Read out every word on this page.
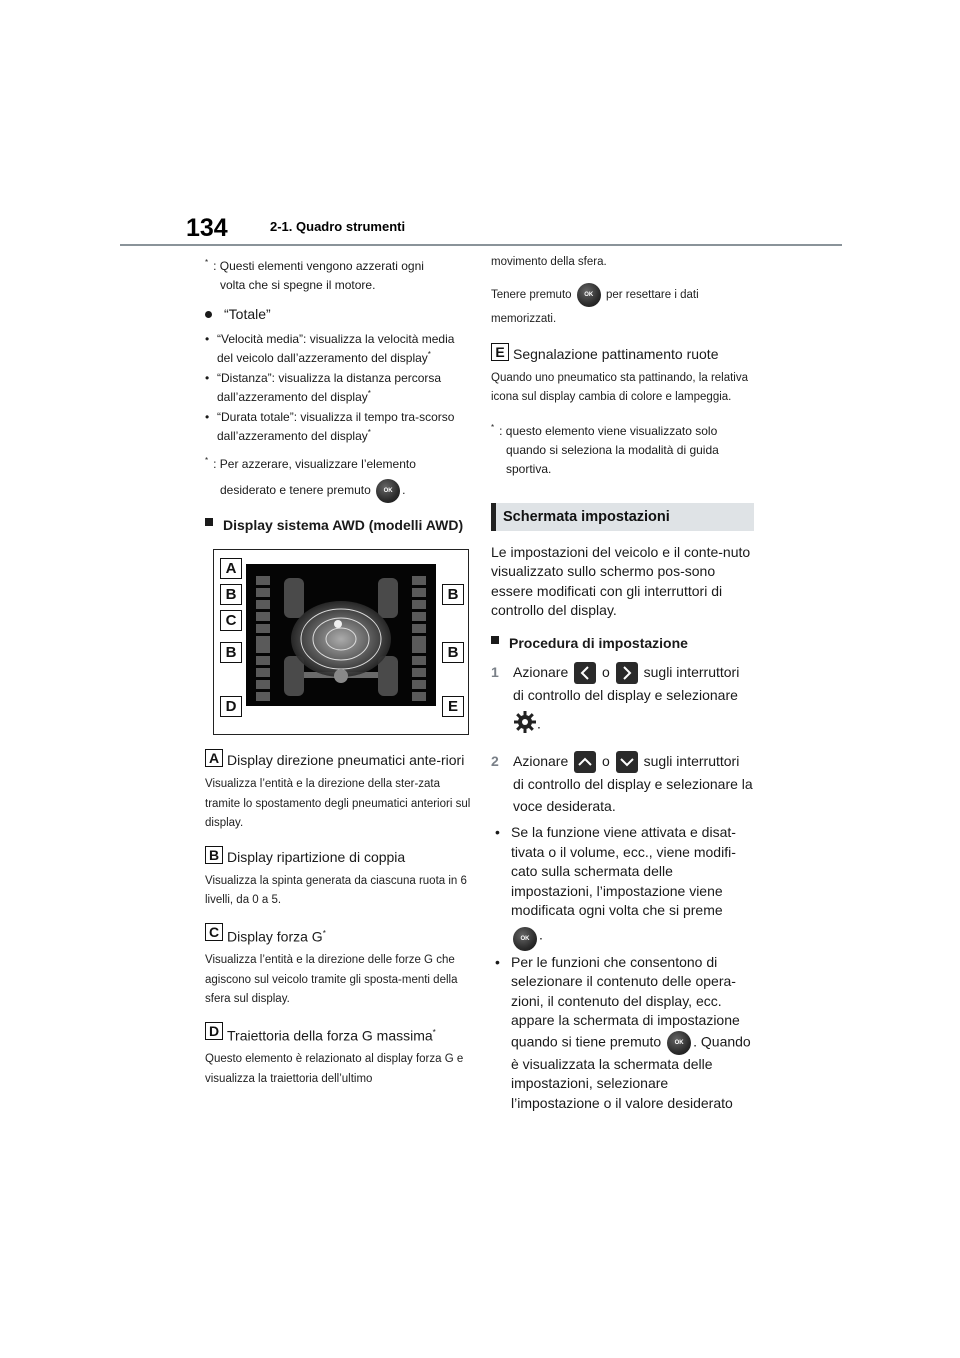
134	2-1. Quadro strumenti

* : Questi elementi vengono azzerati ogni
volta che si spegne il motore.

“Totale”
• “Velocità media”: visualizza la velocità media del veicolo dall’azzeramento del display*
• “Distanza”: visualizza la distanza percorsa dall’azzeramento del display*
• “Durata totale”: visualizza il tempo tra-scorso dall’azzeramento del display*

* : Per azzerare, visualizzare l’elemento
desiderato e tenere premuto OK .

Display sistema AWD (modelli AWD)
A
B
C
B
D
B
B
E

A Display direzione pneumatici ante-riori

Visualizza l’entità e la direzione della ster-zata tramite lo spostamento degli pneumatici anteriori sul display.

B Display ripartizione di coppia

Visualizza la spinta generata da ciascuna ruota in 6 livelli, da 0 a 5.

C Display forza G*

Visualizza l’entità e la direzione delle forze G che agiscono sul veicolo tramite gli sposta-menti della sfera sul display.

D Traiettoria della forza G massima*

Questo elemento è relazionato al display forza G e visualizza la traiettoria dell’ultimo

movimento della sfera.

Tenere premuto OK per resettare i dati memorizzati.

E Segnalazione pattinamento ruote

Quando uno pneumatico sta pattinando, la relativa icona sul display cambia di colore e lampeggia.

* : questo elemento viene visualizzato solo
quando si seleziona la modalità di guida sportiva.

Schermata impostazioni

Le impostazioni del veicolo e il conte-nuto visualizzato sullo schermo pos-sono essere modificati con gli interruttori di controllo del display.

Procedura di impostazione
1	Azionare o sugli interruttori di controllo del display e selezionare
.
2	Azionare o sugli interruttori di controllo del display e selezionare la voce desiderata.
• Se la funzione viene attivata e disat-tivata o il volume, ecc., viene modifi-cato sulla schermata delle impostazioni, l’impostazione viene modificata ogni volta che si preme
OK .
• Per le funzioni che consentono di selezionare il contenuto delle opera-zioni, il contenuto del display, ecc. appare la schermata di impostazione quando si tiene premuto OK . Quando è visualizzata la schermata delle impostazioni, selezionare l’impostazione o il valore desiderato
